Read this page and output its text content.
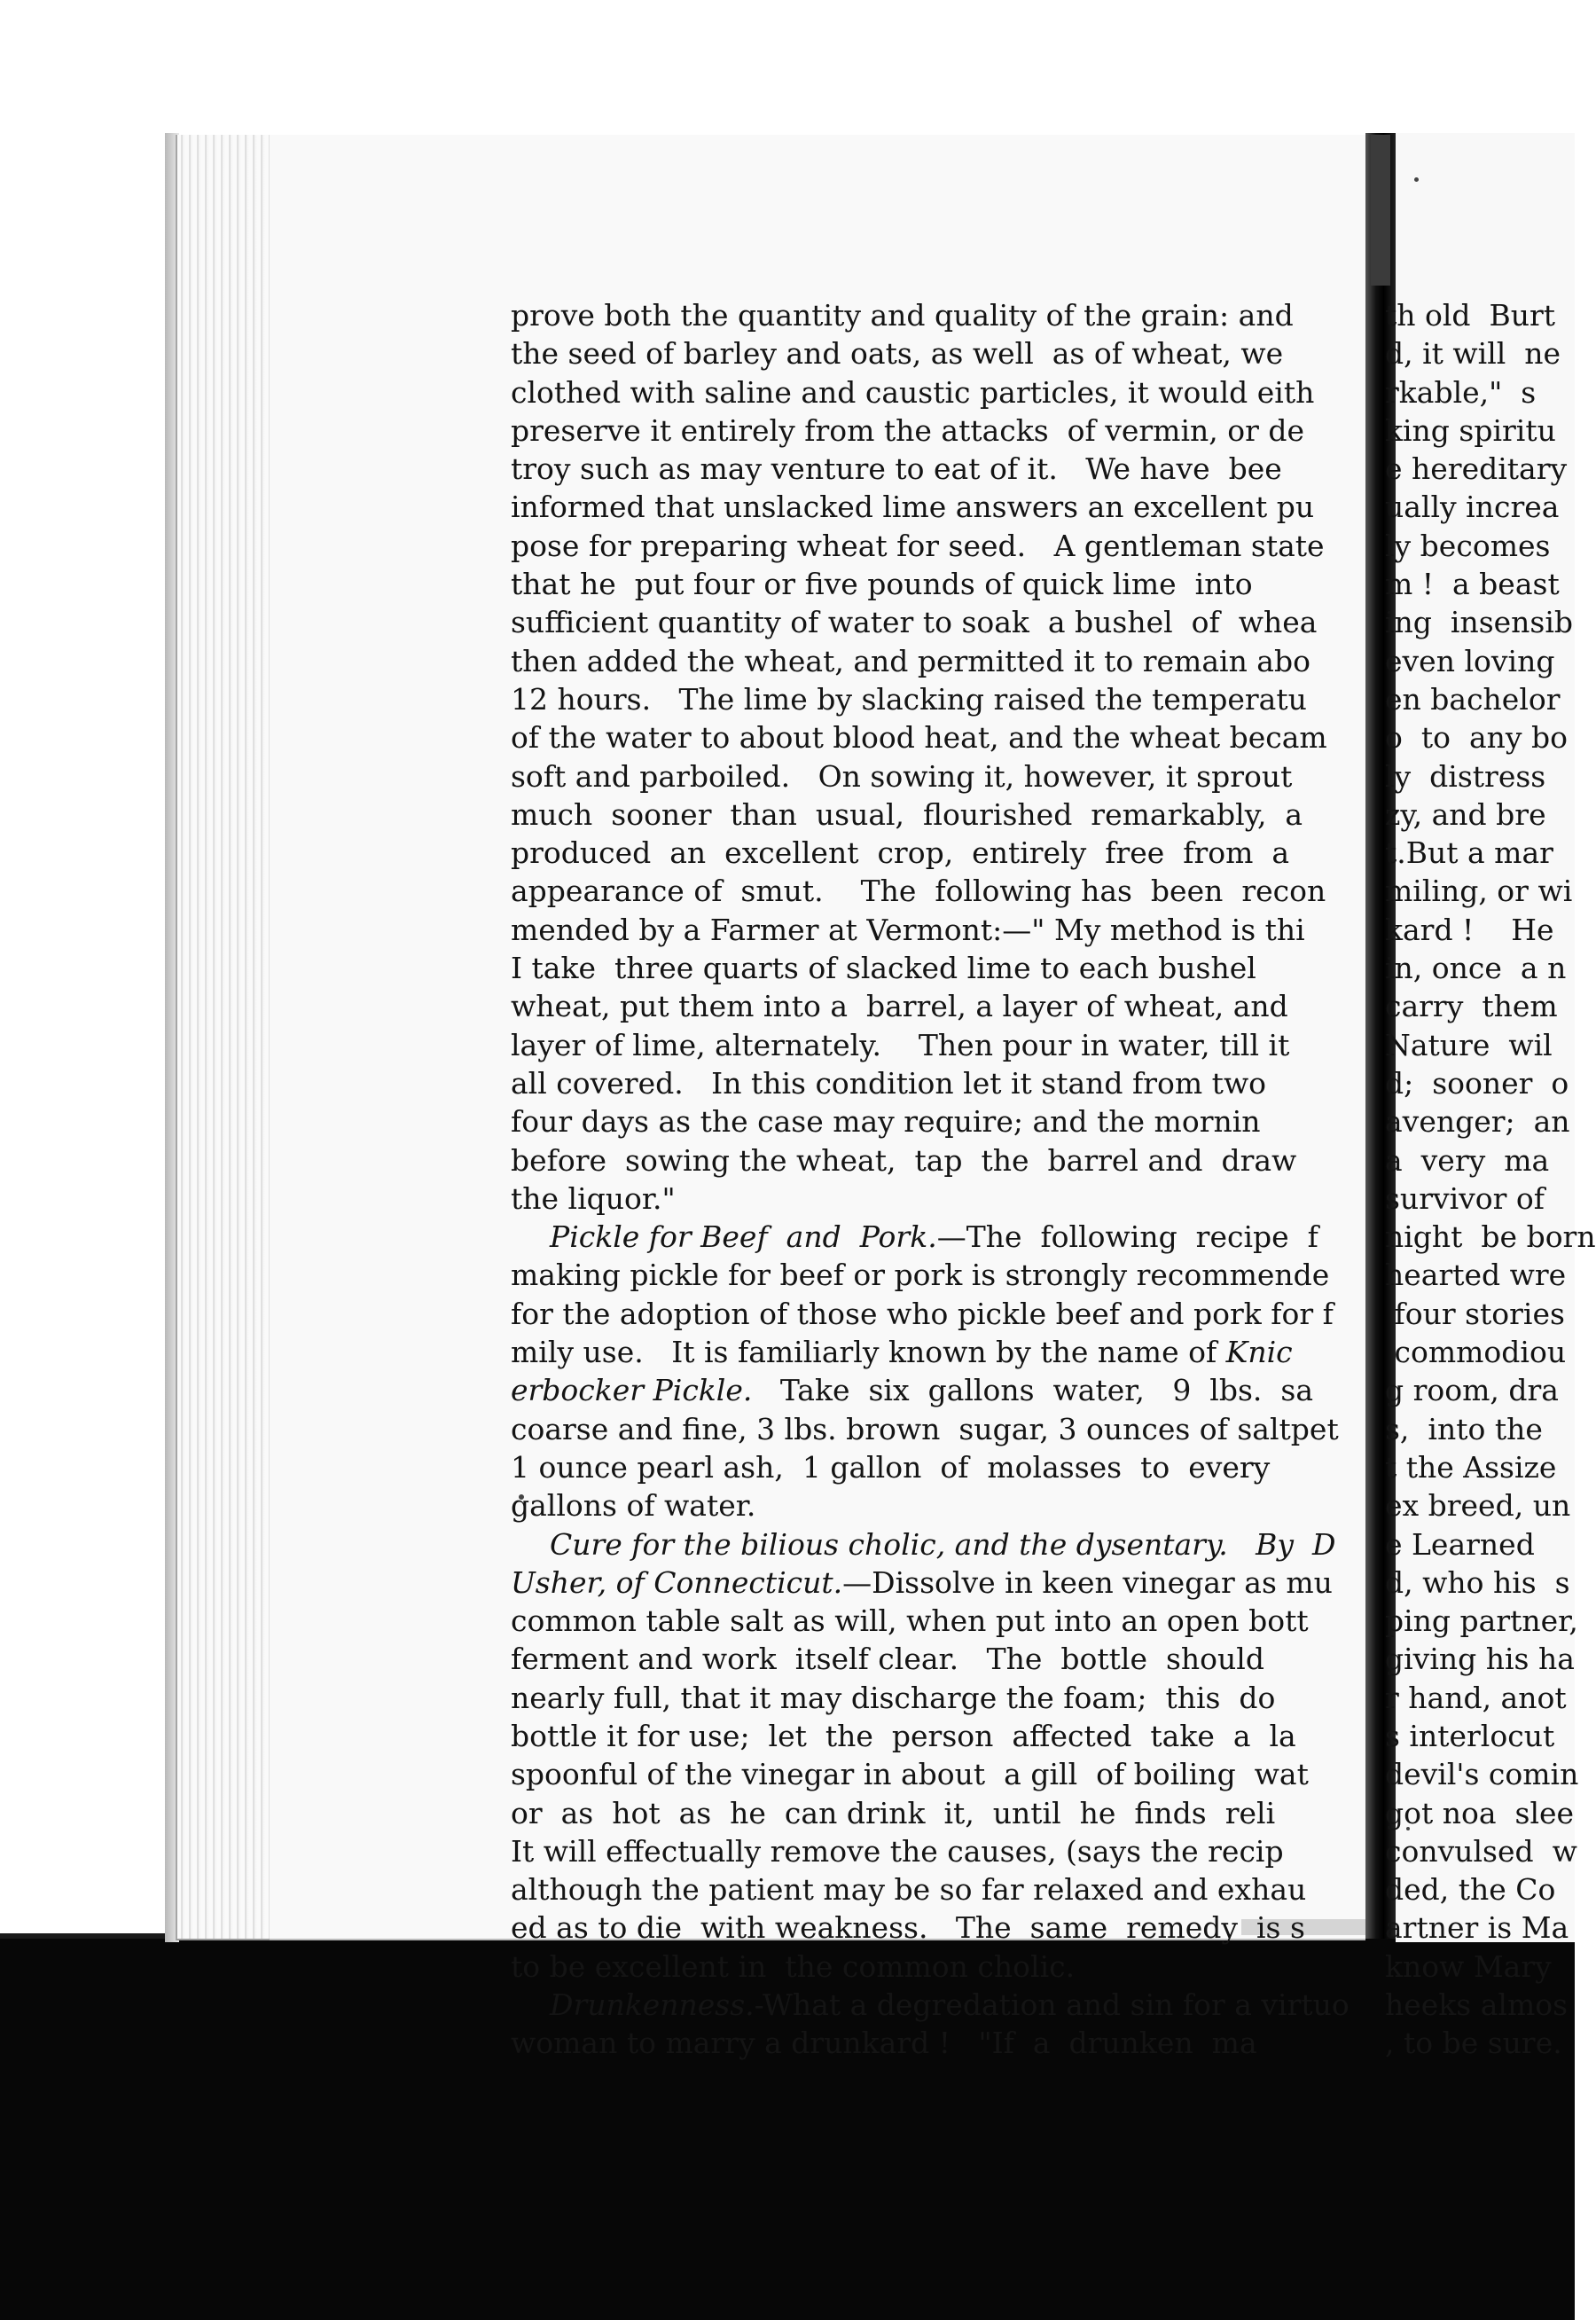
prove both the quantity and quality of the grain: and
the seed of barley and oats, as well  as of wheat, we
clothed with saline and caustic particles, it would eith
preserve it entirely from the attacks  of vermin, or de
troy such as may venture to eat of it.   We have  bee
informed that unslacked lime answers an excellent pu
pose for preparing wheat for seed.   A gentleman state
that he  put four or five pounds of quick lime  into
sufficient quantity of water to soak  a bushel  of  whea
then added the wheat, and permitted it to remain abo
12 hours.   The lime by slacking raised the temperatu
of the water to about blood heat, and the wheat becam
soft and parboiled.   On sowing it, however, it sprout
much  sooner  than  usual,  flourished  remarkably,  a
produced  an  excellent  crop,  entirely  free  from  a
appearance of  smut.    The  following has  been  recon
mended by a Farmer at Vermont:—" My method is thi
I take  three quarts of slacked lime to each bushel
wheat, put them into a  barrel, a layer of wheat, and
layer of lime, alternately.    Then pour in water, till it
all covered.   In this condition let it stand from two
four days as the case may require; and the mornin
before  sowing the wheat,  tap  the  barrel and  draw
the liquor."
Pickle for Beef  and  Pork.—The  following  recipe  f
making pickle for beef or pork is strongly recommende
for the adoption of those who pickle beef and pork for f
mily use.   It is familiarly known by the name of Knic
erbocker Pickle.   Take  six  gallons  water,   9  lbs.  sa
coarse and fine, 3 lbs. brown  sugar, 3 ounces of saltpet
1 ounce pearl ash,  1 gallon  of  molasses  to  every
gallons of water.
Cure for the bilious cholic, and the dysentary.   By  D
Usher, of Connecticut.—Dissolve in keen vinegar as mu
common table salt as will, when put into an open bott
ferment and work  itself clear.   The  bottle  should
nearly full, that it may discharge the foam;  this  do
bottle it for use;  let  the  person  affected  take  a  la
spoonful of the vinegar in about  a gill  of boiling  wat
or  as  hot  as  he  can drink  it,  until  he  finds  reli
It will effectually remove the causes, (says the recip
although the patient may be so far relaxed and exhau
ed as to die  with weakness.   The  same  remedy  is s
to be excellent in  the common cholic.
Drunkenness.-What a degredation and sin for a virtuo
woman to marry a drunkard !   "If  a  drunken  ma
th old  Burt
d, it will  ne
rkable,"  s
king spiritu
e hereditary
ually increa
ly becomes
m !  a beast
ing  insensib
even loving
en bachelor
o  to  any bo
ly  distress
zy, and bre
t.But a mar
miling, or wi
kard !    He
in, once  a n
carry  them
Nature  wil
d;  sooner  o
avenger;  an
a  very  ma
survivor of
night  be born
hearted wre
four stories
commodiou
g room, dra
s,  into the
t the Assize
ex breed, un
e Learned
d, who his  s
ping partner,
giving his ha
r hand, anot
s interlocut
devil's comin
got noa  slee
convulsed  w
ded, the Co
artner is Ma
know Mary
heeks almos
, to be sure.
